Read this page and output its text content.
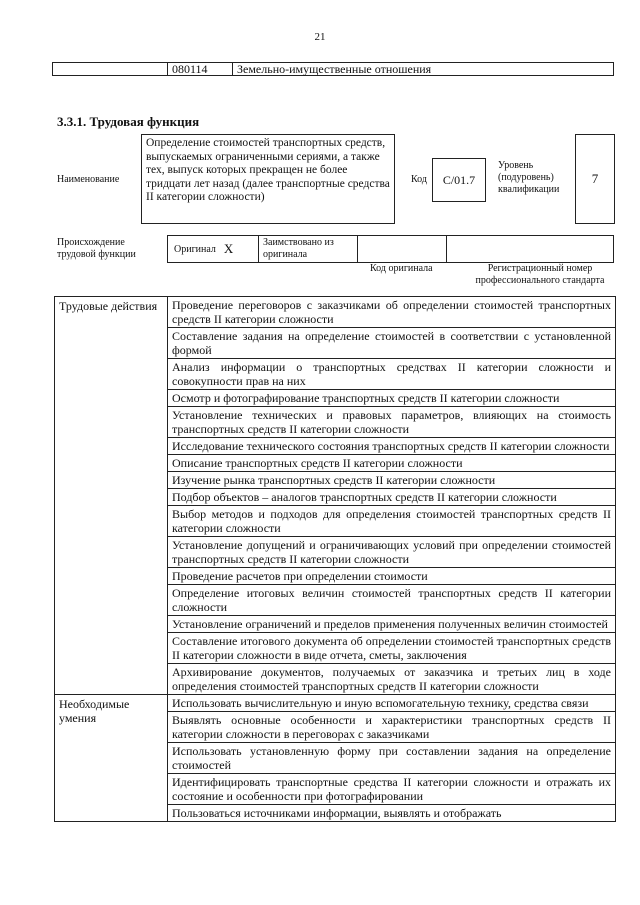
21
	080114	Земельно-имущественные отношения
3.3.1. Трудовая функция
Наименование
Определение стоимостей транспортных средств, выпускаемых ограниченными сериями, а также тех, выпуск которых прекращен не более тридцати лет назад (далее транспортные средства II категории сложности)
Код	C/01.7
Уровень (подуровень) квалификации
7
Происхождение трудовой функции	Оригинал X	Заимствовано из оригинала
Код оригинала	Регистрационный номер профессионального стандарта
Трудовые действия	Проведение переговоров с заказчиками об определении стоимостей транспортных средств II категории сложности
	Составление задания на определение стоимостей в соответствии с установленной формой
	Анализ информации о транспортных средствах II категории сложности и совокупности прав на них
	Осмотр и фотографирование транспортных средств II категории сложности
	Установление технических и правовых параметров, влияющих на стоимость транспортных средств II категории сложности
	Исследование технического состояния транспортных средств II категории сложности
	Описание транспортных средств II категории сложности
	Изучение рынка транспортных средств II категории сложности
	Подбор объектов – аналогов транспортных средств II категории сложности
	Выбор методов и подходов для определения стоимостей транспортных средств II категории сложности
	Установление допущений и ограничивающих условий при определении стоимостей транспортных средств II категории сложности
	Проведение расчетов при определении стоимости
	Определение итоговых величин стоимостей транспортных средств II категории сложности
	Установление ограничений и пределов применения полученных величин стоимостей
	Составление итогового документа об определении стоимостей транспортных средств II категории сложности в виде отчета, сметы, заключения
	Архивирование документов, получаемых от заказчика и третьих лиц в ходе определения стоимостей транспортных средств II категории сложности
Необходимые умения	Использовать вычислительную и иную вспомогательную технику, средства связи
	Выявлять основные особенности и характеристики транспортных средств II категории сложности в переговорах с заказчиками
	Использовать установленную форму при составлении задания на определение стоимостей
	Идентифицировать транспортные средства II категории сложности и отражать их состояние и особенности при фотографировании
	Пользоваться источниками информации, выявлять и отображать
